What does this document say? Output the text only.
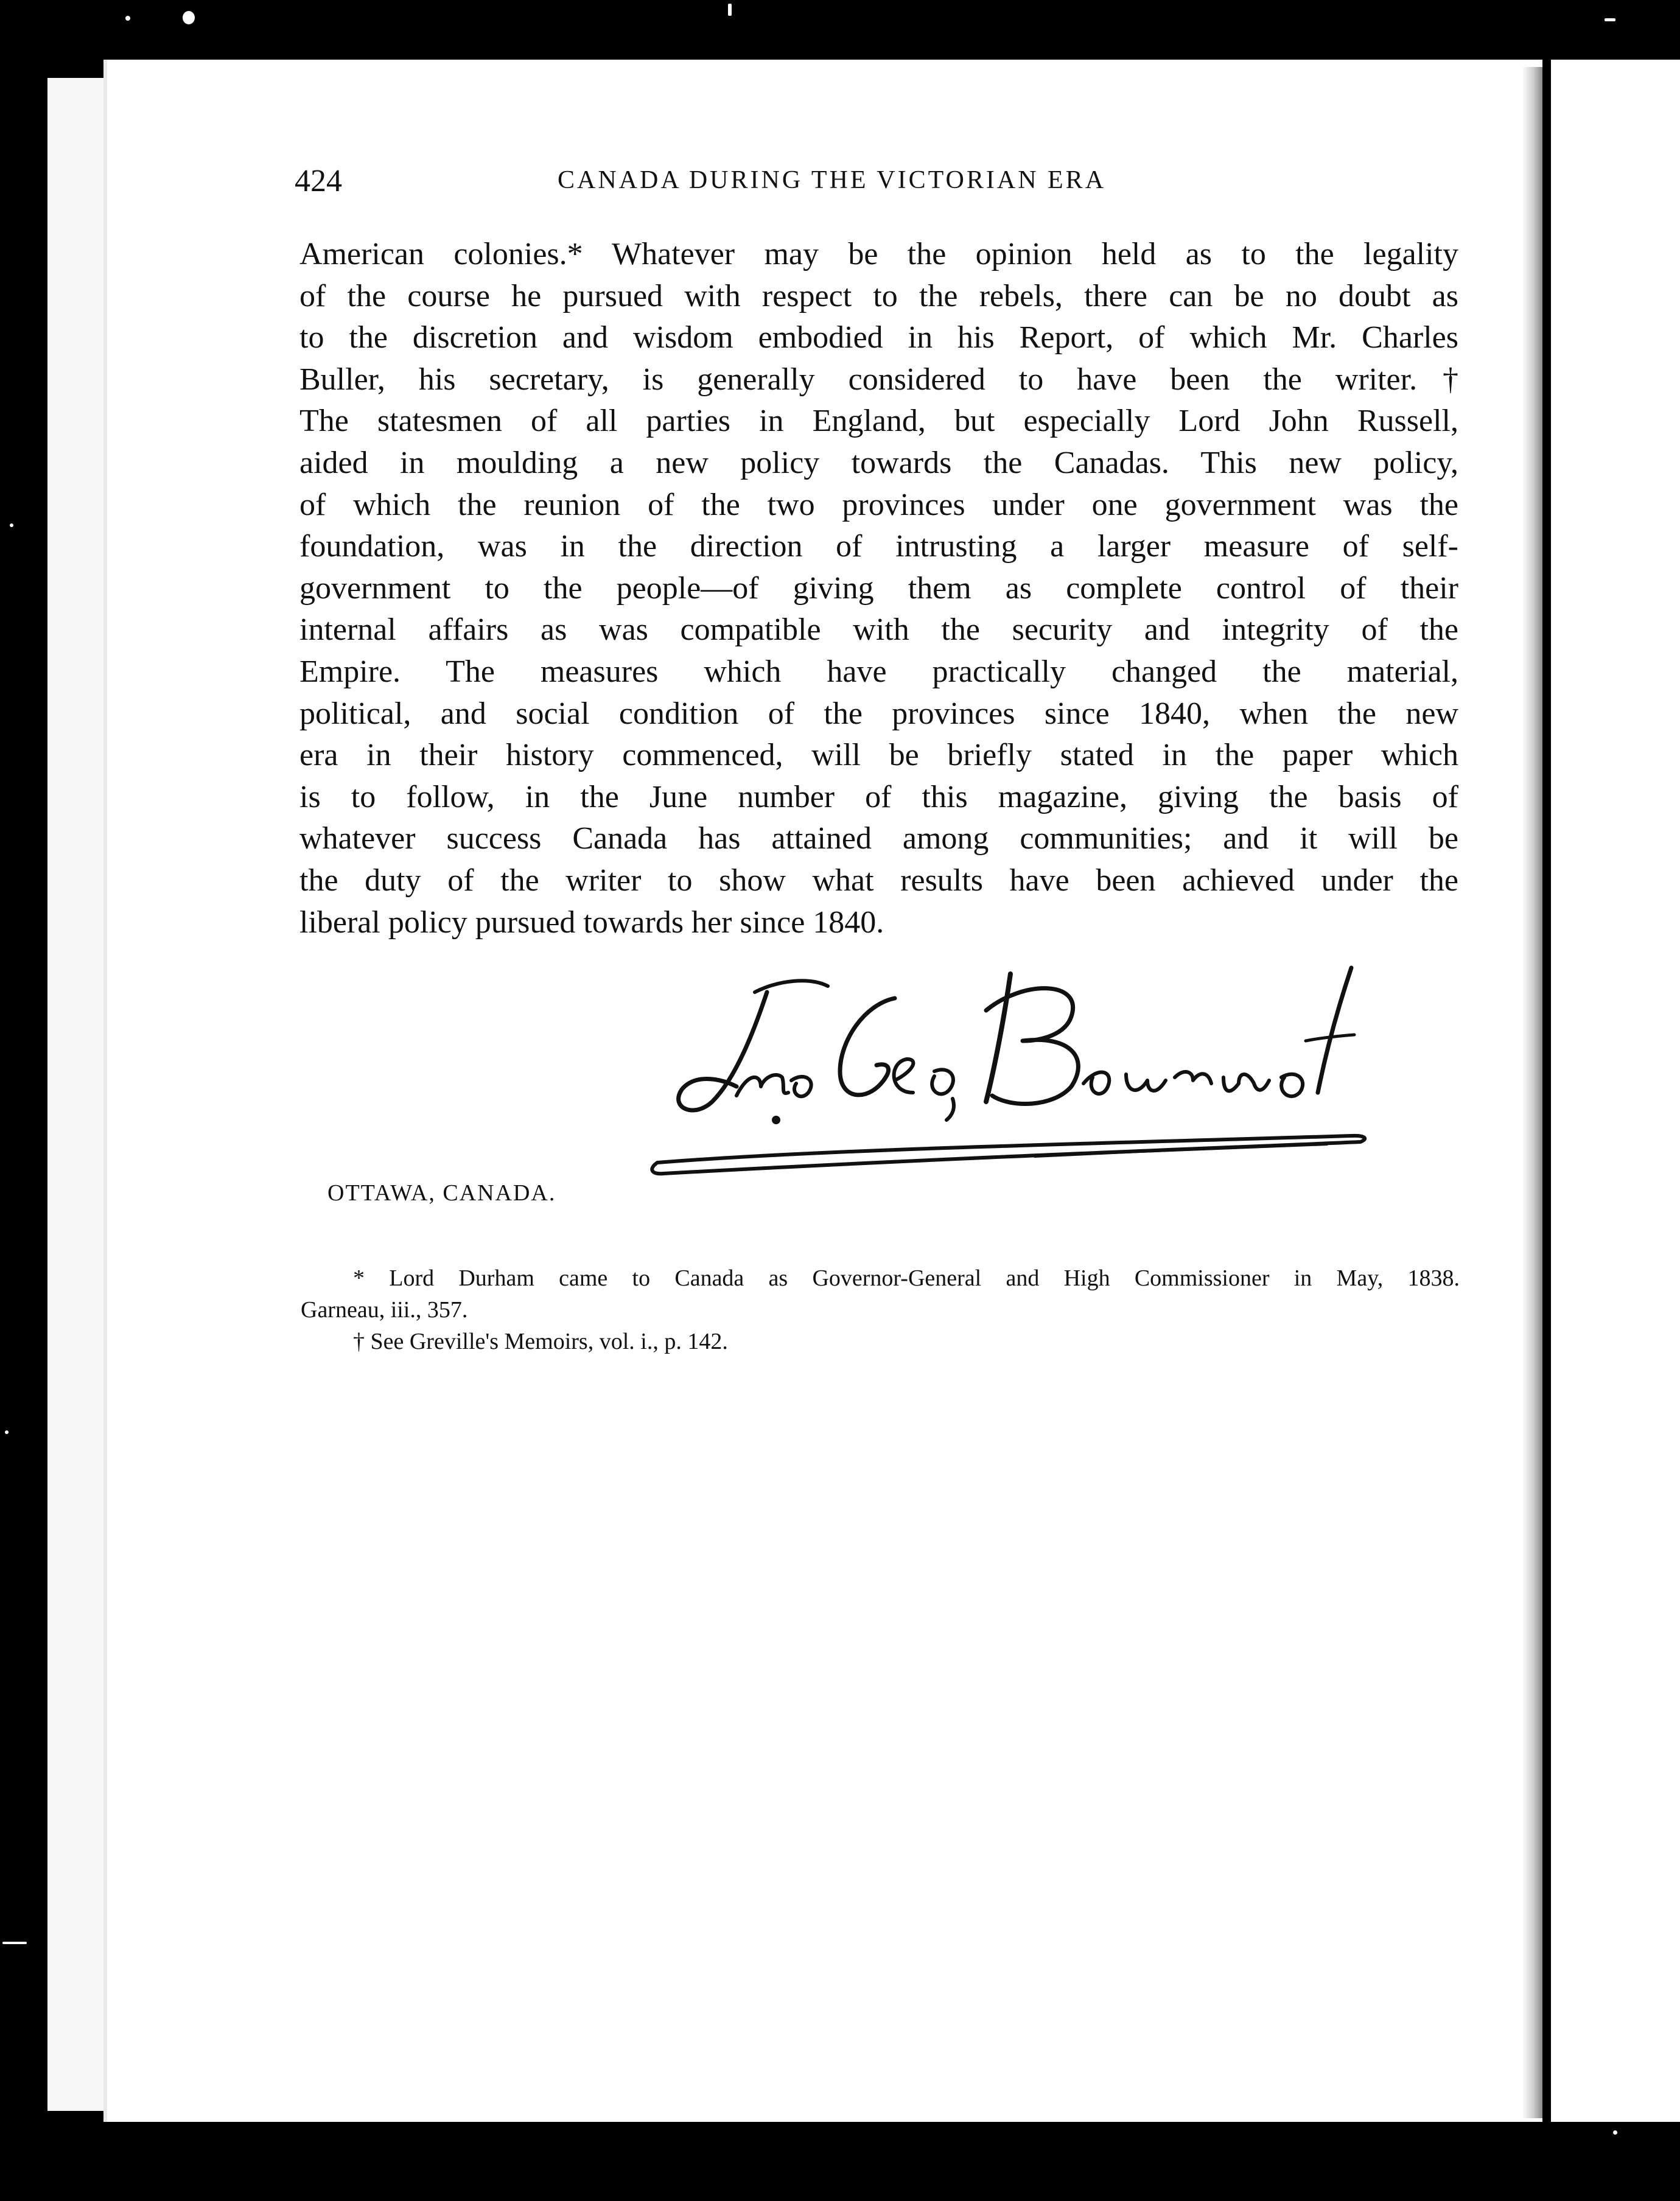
424	CANADA DURING THE VICTORIAN ERA
American colonies.* Whatever may be the opinion held as to the legality
of the course he pursued with respect to the rebels, there can be no doubt as
to the discretion and wisdom embodied in his Report, of which Mr. Charles
Buller, his secretary, is generally considered to have been the writer.†
The statesmen of all parties in England, but especially Lord John Russell,
aided in moulding a new policy towards the Canadas. This new policy,
of which the reunion of the two provinces under one government was the
foundation, was in the direction of intrusting a larger measure of self-
government to the people—of giving them as complete control of their
internal affairs as was compatible with the security and integrity of the
Empire. The measures which have practically changed the material,
political, and social condition of the provinces since 1840, when the new
era in their history commenced, will be briefly stated in the paper which
is to follow, in the June number of this magazine, giving the basis of
whatever success Canada has attained among communities; and it will be
the duty of the writer to show what results have been achieved under the
liberal policy pursued towards her since 1840.
OTTAWA, CANADA.
* Lord Durham came to Canada as Governor-General and High Commissioner in May, 1838.
Garneau, iii., 357.
† See Greville's Memoirs, vol. i., p. 142.
